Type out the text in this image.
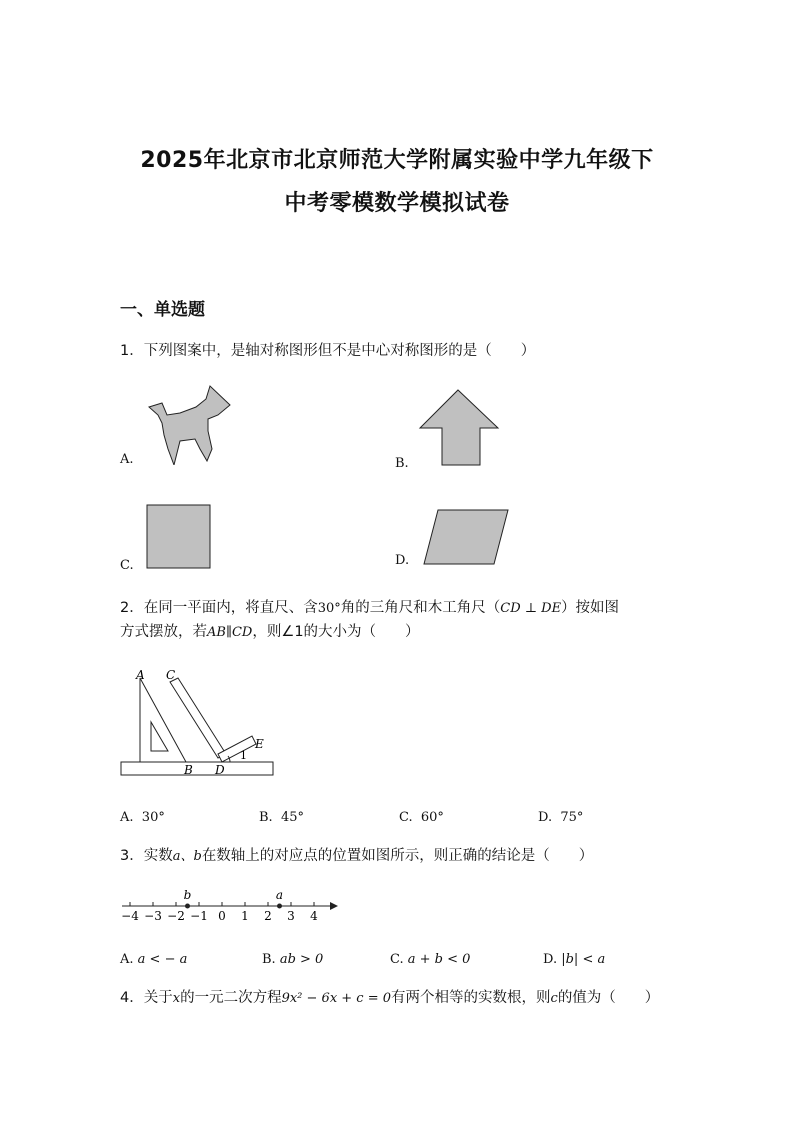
2025年北京市北京师范大学附属实验中学九年级下
中考零模数学模拟试卷
一、单选题
1．下列图案中，是轴对称图形但不是中心对称图形的是（　　）
A.	B.
C.	D.
2．在同一平面内，将直尺、含30°角的三角尺和木工角尺（CD ⊥ DE）按如图
方式摆放，若AB∥CD，则∠1的大小为（　　）
A C
E
1
B D
A. 30°	B. 45°	C. 60°	D. 75°
3．实数a、b在数轴上的对应点的位置如图所示，则正确的结论是（　　）
−4 −3 −2 −1 0 1 2 3 4
b	a
A. a < − a	B. ab > 0	C. a + b < 0	D. |b| < a
4．关于x的一元二次方程9x² − 6x + c = 0有两个相等的实数根，则c的值为（　　）
